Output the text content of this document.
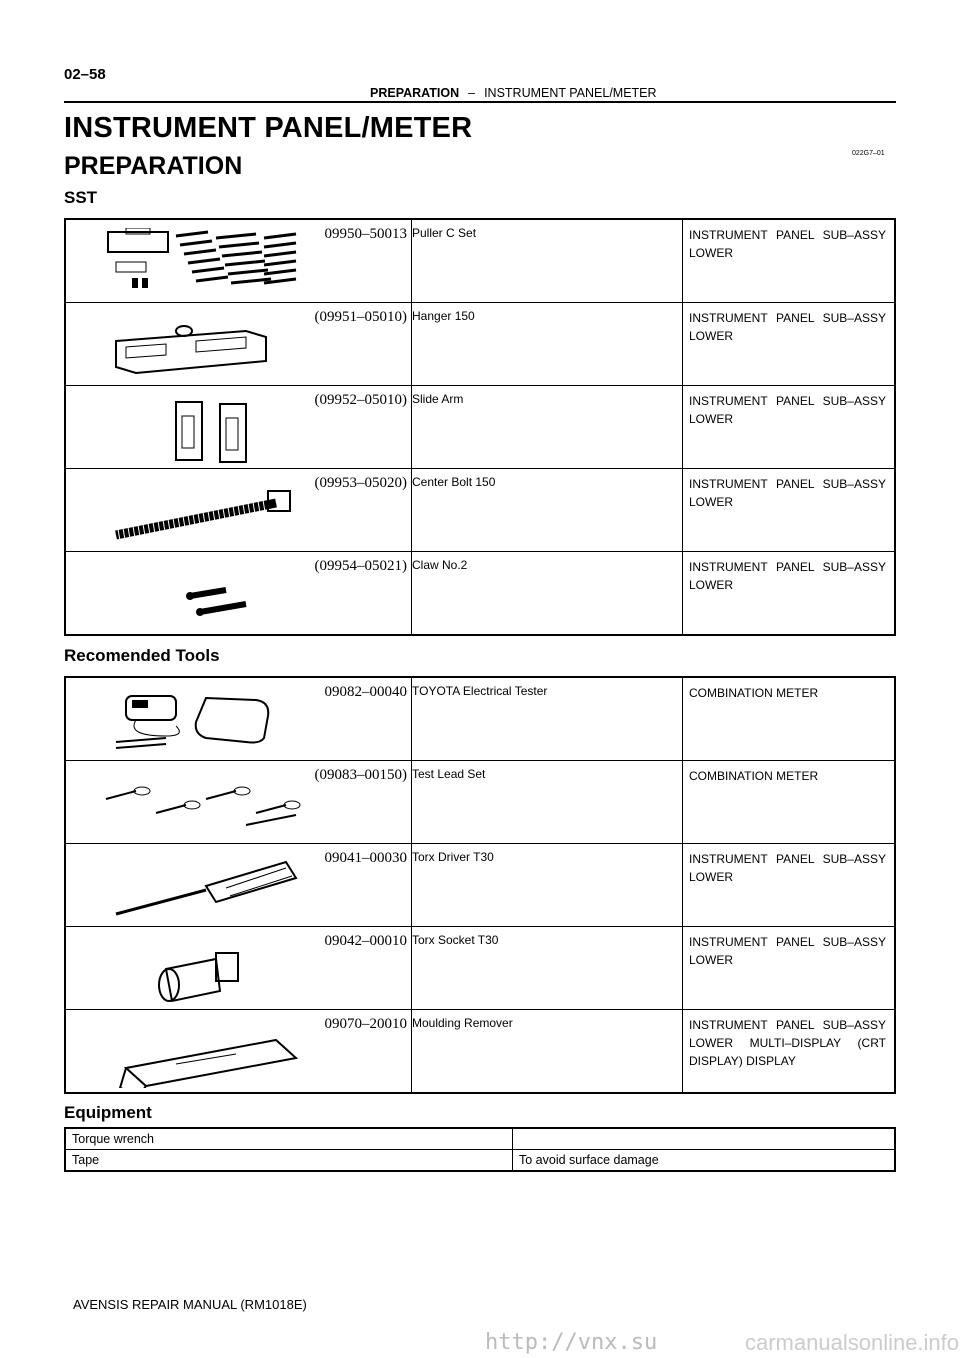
02–58
PREPARATION – INSTRUMENT PANEL/METER
INSTRUMENT PANEL/METER
PREPARATION	022G7–01
SST
09950–50013	Puller C Set	INSTRUMENT PANEL SUB–ASSY LOWER

(09951–05010)	Hanger 150	INSTRUMENT PANEL SUB–ASSY LOWER

(09952–05010)	Slide Arm	INSTRUMENT PANEL SUB–ASSY LOWER

(09953–05020)	Center Bolt 150	INSTRUMENT PANEL SUB–ASSY LOWER

(09954–05021)	Claw No.2	INSTRUMENT PANEL SUB–ASSY LOWER
Recomended Tools
09082–00040	TOYOTA Electrical Tester	COMBINATION METER

(09083–00150)	Test Lead Set	COMBINATION METER

09041–00030	Torx Driver T30	INSTRUMENT PANEL SUB–ASSY LOWER

09042–00010	Torx Socket T30	INSTRUMENT PANEL SUB–ASSY LOWER

09070–20010	Moulding Remover	INSTRUMENT PANEL SUB–ASSY LOWER MULTI–DISPLAY (CRT DISPLAY) DISPLAY
Equipment
Torque wrench	
Tape	To avoid surface damage
AVENSIS REPAIR MANUAL (RM1018E)
http://vnx.su	carmanualsonline.info
